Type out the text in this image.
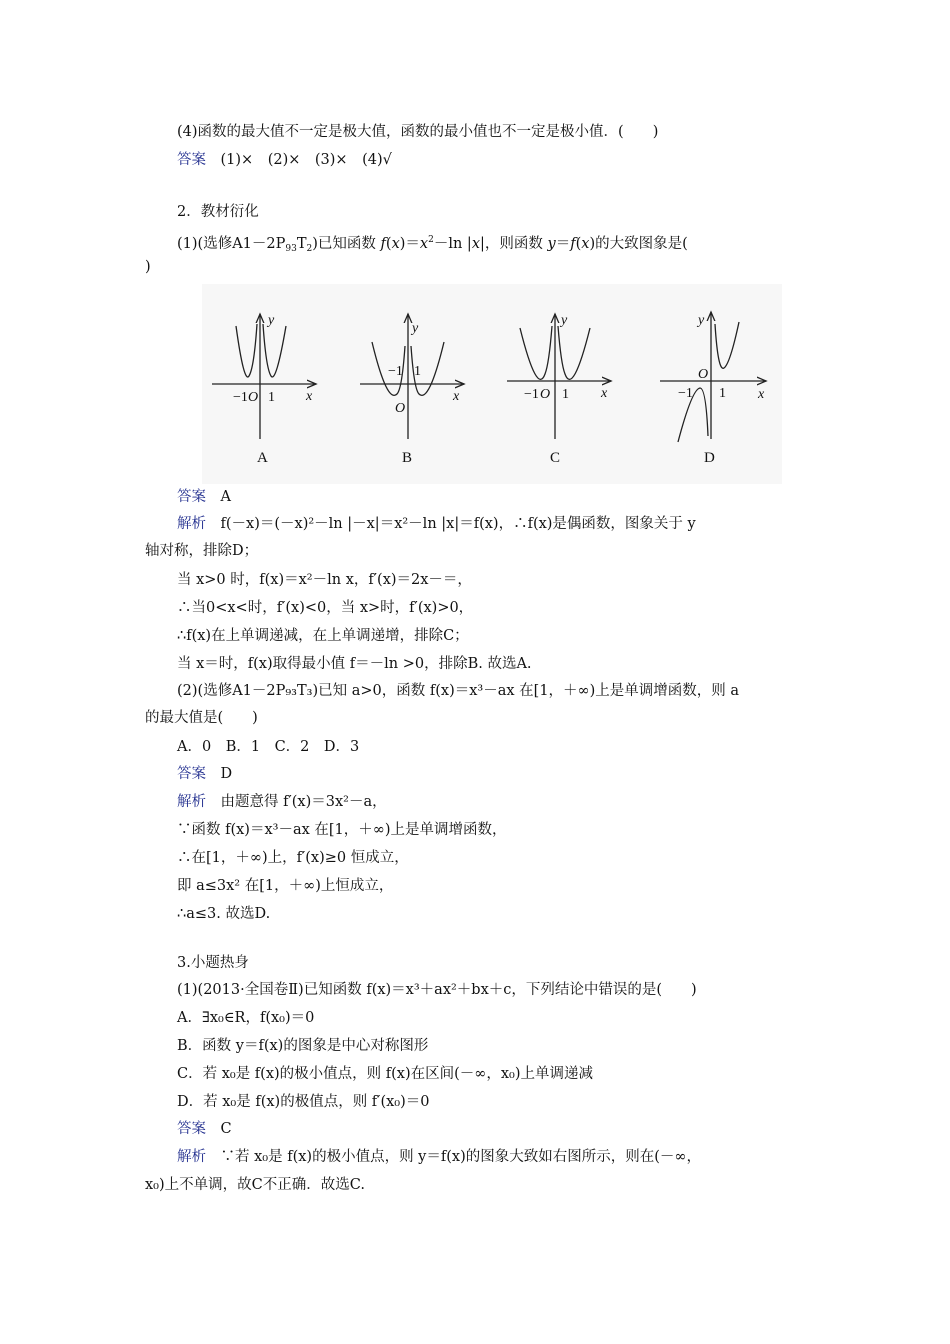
(4)函数的最大值不一定是极大值，函数的最小值也不一定是极小值．(　　)
答案　 (1)×　(2)×　(3)×　(4)√
2．教材衍化
(1)(选修$A1-2P_{93}T_2$)已知函数 $f(x)=x^2-\ln$ |x|，则函数 y＝f(x)的大致图象是(
)
y
x
−1 O 1
A
y
x
−1 1
O
B
y
x
−1 O 1
C
y
x
O
−1 1
D
答案　 A
解析　 f(－x)＝(－x)²－ln |－x|＝x²－ln |x|＝f(x)，∴f(x)是偶函数，图象关于 y
轴对称，排除D；
当 x>0 时，f(x)＝x²－ln x，f′(x)＝2x－＝，
∴当0<x<时，f′(x)<0，当 x>时，f′(x)>0，
∴f(x)在上单调递减，在上单调递增，排除C；
当 x＝时，f(x)取得最小值 f＝－ln >0，排除B. 故选A.
(2)(选修A1－2P₉₃T₃)已知 a>0，函数 f(x)＝x³－ax 在[1，＋∞)上是单调增函数，则 a
的最大值是(　　)
A．0　B．1　C．2　D．3
答案　 D
解析　 由题意得 f′(x)＝3x²－a，
∵函数 f(x)＝x³－ax 在[1，＋∞)上是单调增函数，
∴在[1，＋∞)上，f′(x)≥0 恒成立，
即 a≤3x² 在[1，＋∞)上恒成立，
∴a≤3. 故选D.
3.小题热身
(1)(2013·全国卷Ⅱ)已知函数 f(x)＝x³＋ax²＋bx＋c，下列结论中错误的是(　　)
A．∃x₀∈R，f(x₀)＝0
B．函数 y＝f(x)的图象是中心对称图形
C．若 x₀是 f(x)的极小值点，则 f(x)在区间(－∞，x₀)上单调递减
D．若 x₀是 f(x)的极值点，则 f′(x₀)＝0
答案　 C
解析　 ∵若 x₀是 f(x)的极小值点，则 y＝f(x)的图象大致如右图所示，则在(－∞，
x₀)上不单调，故C不正确．故选C.
